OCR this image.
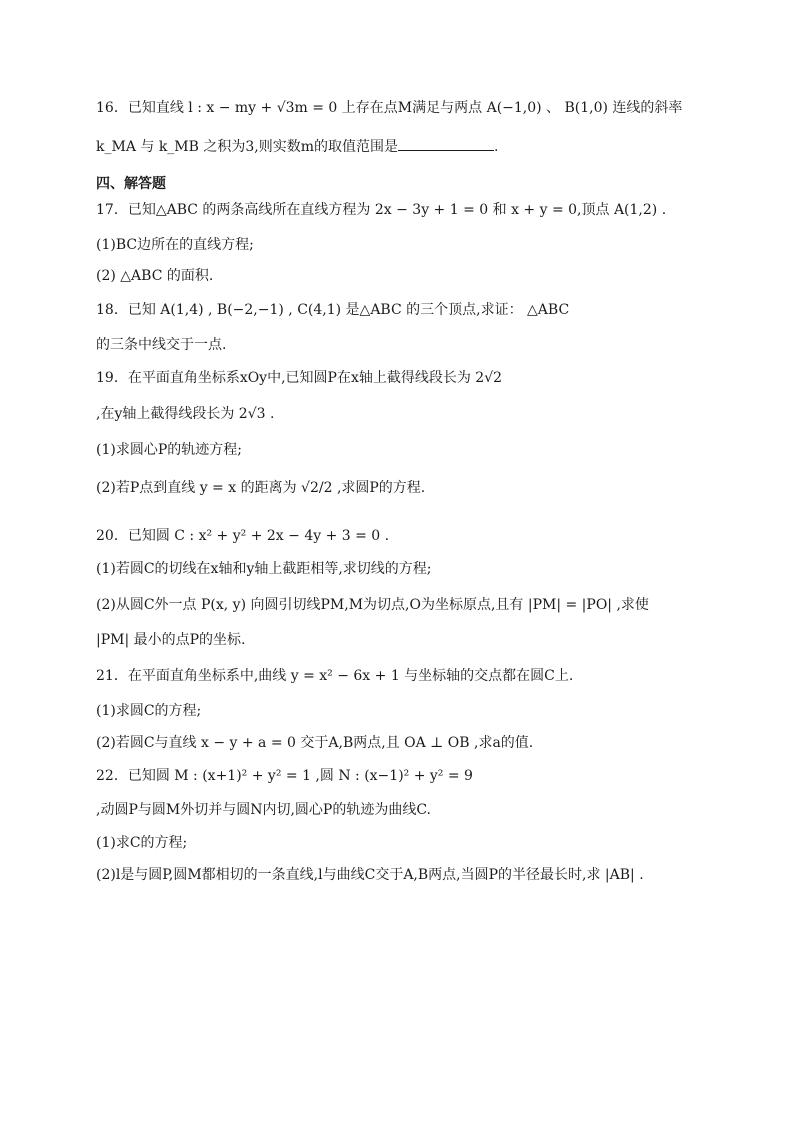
16．已知直线 l : x − my + √3m = 0 上存在点M满足与两点 A(−1,0) 、 B(1,0) 连线的斜率
k_MA 与 k_MB 之积为3,则实数m的取值范围是	.
四、解答题
17．已知△ABC 的两条高线所在直线方程为 2x − 3y + 1 = 0 和 x + y = 0,顶点 A(1,2) .
(1)BC边所在的直线方程;
(2) △ABC 的面积.
18．已知 A(1,4) , B(−2,−1) , C(4,1) 是△ABC 的三个顶点,求证： △ABC
的三条中线交于一点.
19．在平面直角坐标系xOy中,已知圆P在x轴上截得线段长为 2√2
,在y轴上截得线段长为 2√3 .
(1)求圆心P的轨迹方程;
(2)若P点到直线 y = x 的距离为 √2/2 ,求圆P的方程.
20．已知圆 C : x² + y² + 2x − 4y + 3 = 0 .
(1)若圆C的切线在x轴和y轴上截距相等,求切线的方程;
(2)从圆C外一点 P(x, y) 向圆引切线PM,M为切点,O为坐标原点,且有 |PM| = |PO| ,求使
|PM| 最小的点P的坐标.
21．在平面直角坐标系中,曲线 y = x² − 6x + 1 与坐标轴的交点都在圆C上.
(1)求圆C的方程;
(2)若圆C与直线 x − y + a = 0 交于A,B两点,且 OA ⊥ OB ,求a的值.
22．已知圆 M : (x+1)² + y² = 1 ,圆 N : (x−1)² + y² = 9
,动圆P与圆M外切并与圆N内切,圆心P的轨迹为曲线C.
(1)求C的方程;
(2)l是与圆P,圆M都相切的一条直线,l与曲线C交于A,B两点,当圆P的半径最长时,求 |AB| .
